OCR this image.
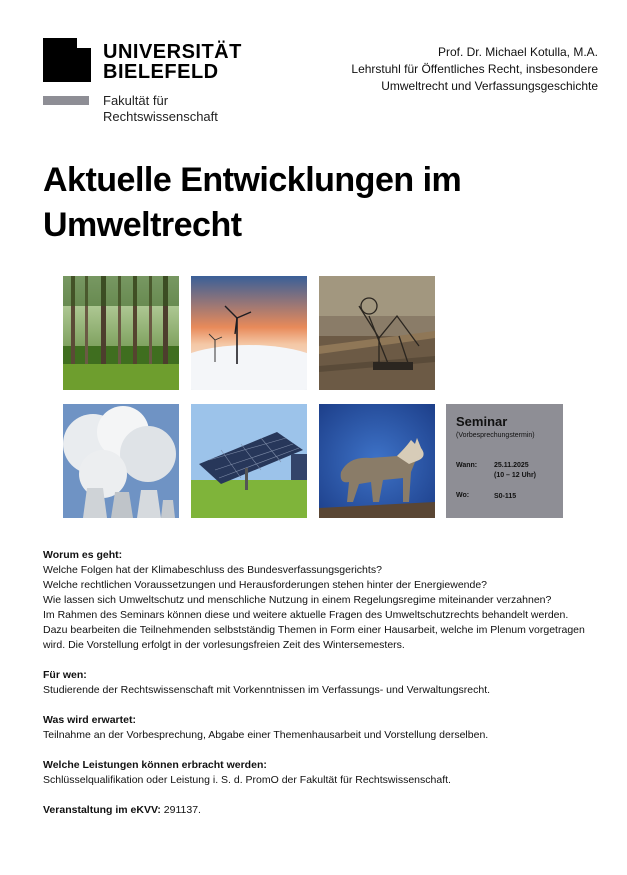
UNIVERSITÄT
BIELEFELD
Fakultät für
Rechtswissenschaft
Prof. Dr. Michael Kotulla, M.A.
Lehrstuhl für Öffentliches Recht, insbesondere
Umweltrecht und Verfassungsgeschichte
Aktuelle Entwicklungen im
Umweltrecht
Seminar
(Vorbesprechungstermin)
Wann: 25.11.2025
(10 – 12 Uhr)
Wo:	S0-115

Worum es geht:
Welche Folgen hat der Klimabeschluss des Bundesverfassungsgerichts?
Welche rechtlichen Voraussetzungen und Herausforderungen stehen hinter der Energiewende?
Wie lassen sich Umweltschutz und menschliche Nutzung in einem Regelungsregime miteinander verzahnen?
Im Rahmen des Seminars können diese und weitere aktuelle Fragen des Umweltschutzrechts behandelt werden.
Dazu bearbeiten die Teilnehmenden selbstständig Themen in Form einer Hausarbeit, welche im Plenum vorgetragen
wird. Die Vorstellung erfolgt in der vorlesungsfreien Zeit des Wintersemesters.

Für wen:
Studierende der Rechtswissenschaft mit Vorkenntnissen im Verfassungs- und Verwaltungsrecht.

Was wird erwartet:
Teilnahme an der Vorbesprechung, Abgabe einer Themenhausarbeit und Vorstellung derselben.

Welche Leistungen können erbracht werden:
Schlüsselqualifikation oder Leistung i. S. d. PromO der Fakultät für Rechtswissenschaft.

Veranstaltung im eKVV: 291137.
